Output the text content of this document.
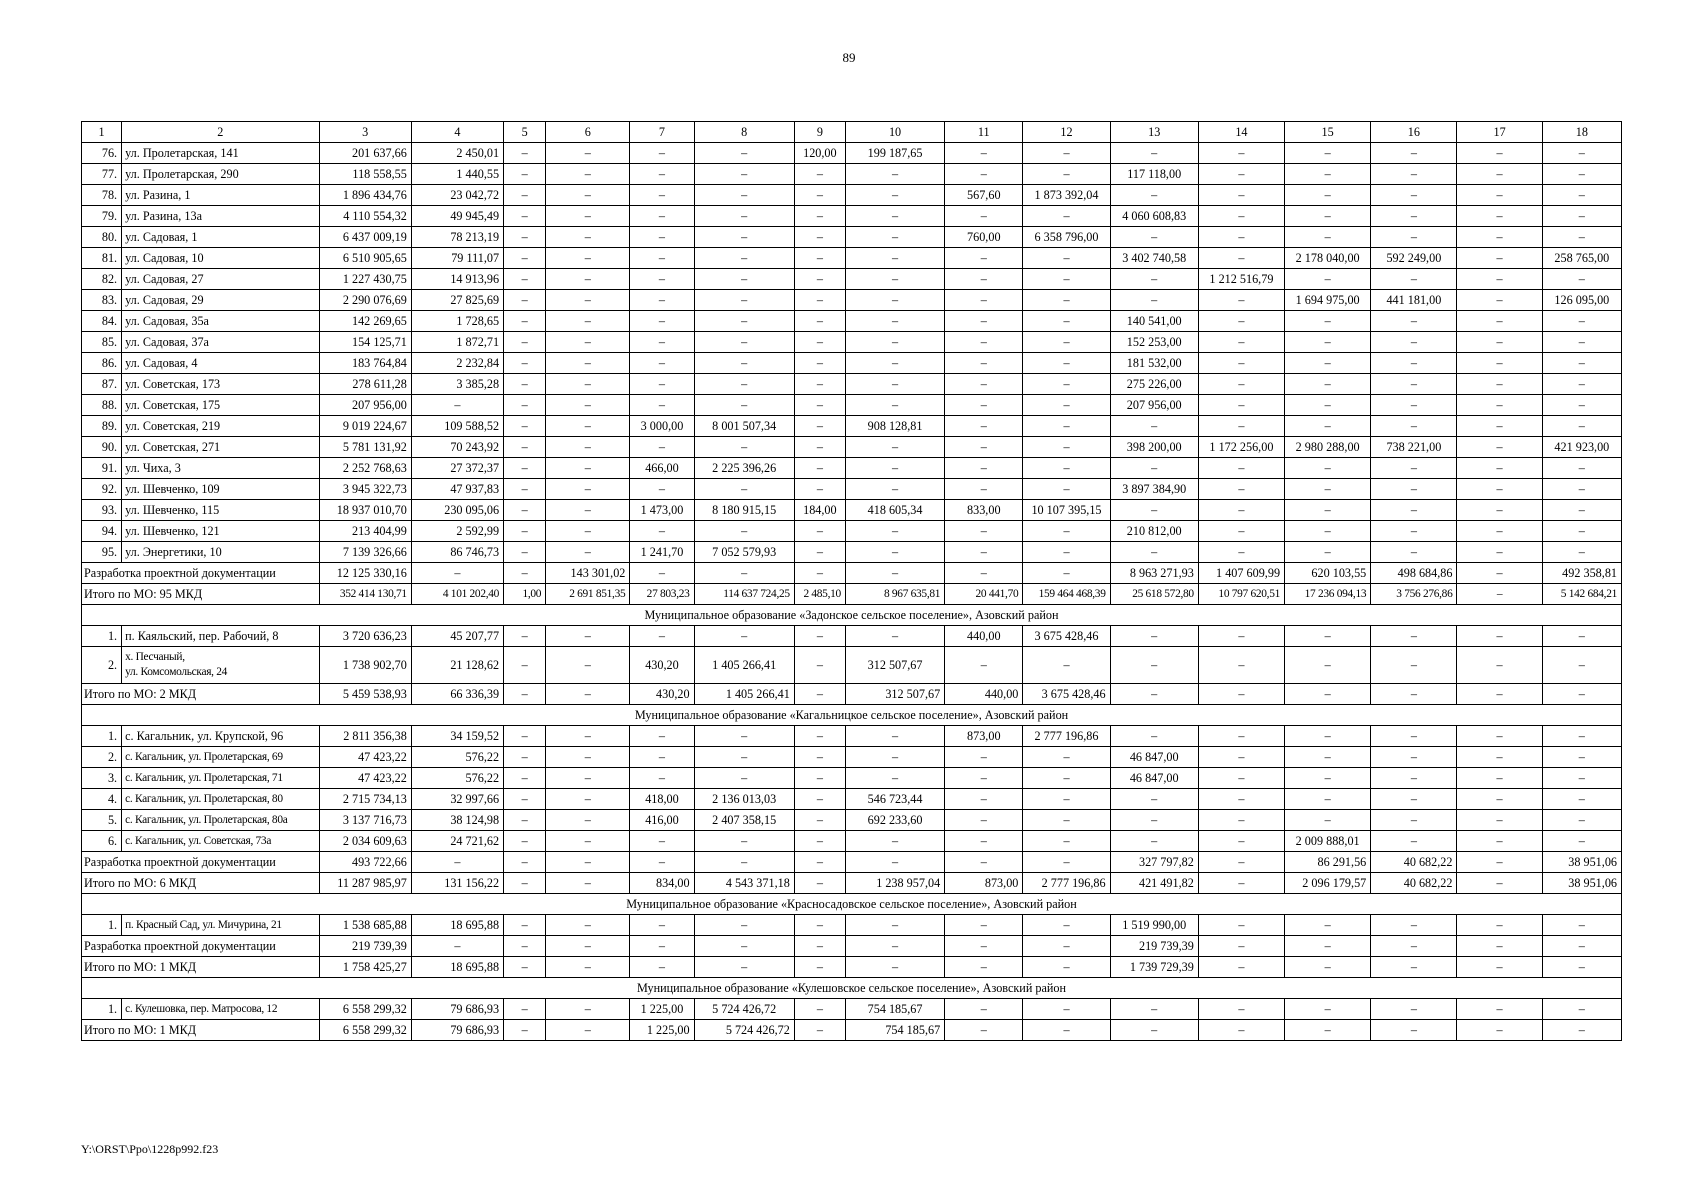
89
1	2	3	4	5	6	7	8	9	10	11	12	13	14	15	16	17	18
76.	ул. Пролетарская, 141	201 637,66	2 450,01	–	–	–	–	120,00	199 187,65	–	–	–	–	–	–	–	–
77.	ул. Пролетарская, 290	118 558,55	1 440,55	–	–	–	–	–	–	–	–	117 118,00	–	–	–	–	–
78.	ул. Разина, 1	1 896 434,76	23 042,72	–	–	–	–	–	–	567,60	1 873 392,04	–	–	–	–	–	–
79.	ул. Разина, 13а	4 110 554,32	49 945,49	–	–	–	–	–	–	–	–	4 060 608,83	–	–	–	–	–
80.	ул. Садовая, 1	6 437 009,19	78 213,19	–	–	–	–	–	–	760,00	6 358 796,00	–	–	–	–	–	–
81.	ул. Садовая, 10	6 510 905,65	79 111,07	–	–	–	–	–	–	–	–	3 402 740,58	–	2 178 040,00	592 249,00	–	258 765,00
82.	ул. Садовая, 27	1 227 430,75	14 913,96	–	–	–	–	–	–	–	–	–	1 212 516,79	–	–	–	–
83.	ул. Садовая, 29	2 290 076,69	27 825,69	–	–	–	–	–	–	–	–	–	–	1 694 975,00	441 181,00	–	126 095,00
84.	ул. Садовая, 35а	142 269,65	1 728,65	–	–	–	–	–	–	–	–	140 541,00	–	–	–	–	–
85.	ул. Садовая, 37а	154 125,71	1 872,71	–	–	–	–	–	–	–	–	152 253,00	–	–	–	–	–
86.	ул. Садовая, 4	183 764,84	2 232,84	–	–	–	–	–	–	–	–	181 532,00	–	–	–	–	–
87.	ул. Советская, 173	278 611,28	3 385,28	–	–	–	–	–	–	–	–	275 226,00	–	–	–	–	–
88.	ул. Советская, 175	207 956,00	–	–	–	–	–	–	–	–	–	207 956,00	–	–	–	–	–
89.	ул. Советская, 219	9 019 224,67	109 588,52	–	–	3 000,00	8 001 507,34	–	908 128,81	–	–	–	–	–	–	–	–
90.	ул. Советская, 271	5 781 131,92	70 243,92	–	–	–	–	–	–	–	–	398 200,00	1 172 256,00	2 980 288,00	738 221,00	–	421 923,00
91.	ул. Чиха, 3	2 252 768,63	27 372,37	–	–	466,00	2 225 396,26	–	–	–	–	–	–	–	–	–	–
92.	ул. Шевченко, 109	3 945 322,73	47 937,83	–	–	–	–	–	–	–	–	3 897 384,90	–	–	–	–	–
93.	ул. Шевченко, 115	18 937 010,70	230 095,06	–	–	1 473,00	8 180 915,15	184,00	418 605,34	833,00	10 107 395,15	–	–	–	–	–	–
94.	ул. Шевченко, 121	213 404,99	2 592,99	–	–	–	–	–	–	–	–	210 812,00	–	–	–	–	–
95.	ул. Энергетики, 10	7 139 326,66	86 746,73	–	–	1 241,70	7 052 579,93	–	–	–	–	–	–	–	–	–	–
Разработка проектной документации		12 125 330,16	–	–	143 301,02	–	–	–	–	–	–	8 963 271,93	1 407 609,99	620 103,55	498 684,86	–	492 358,81
Итого по МО: 95 МКД		352 414 130,71	4 101 202,40	1,00	2 691 851,35	27 803,23	114 637 724,25	2 485,10	8 967 635,81	20 441,70	159 464 468,39	25 618 572,80	10 797 620,51	17 236 094,13	3 756 276,86	–	5 142 684,21
Муниципальное образование «Задонское сельское поселение», Азовский район																	
1.	п. Каяльский, пер. Рабочий, 8	3 720 636,23	45 207,77	–	–	–	–	–	–	440,00	3 675 428,46	–	–	–	–	–	–
2.	х. Песчаный,
ул. Комсомольская, 24	1 738 902,70	21 128,62	–	–	430,20	1 405 266,41	–	312 507,67	–	–	–	–	–	–	–	–
Итого по МО: 2 МКД		5 459 538,93	66 336,39	–	–	430,20	1 405 266,41	–	312 507,67	440,00	3 675 428,46	–	–	–	–	–	–
Муниципальное образование «Кагальницкое сельское поселение», Азовский район																	
1.	с. Кагальник, ул. Крупской, 96	2 811 356,38	34 159,52	–	–	–	–	–	–	873,00	2 777 196,86	–	–	–	–	–	–
2.	с. Кагальник, ул. Пролетарская, 69	47 423,22	576,22	–	–	–	–	–	–	–	–	46 847,00	–	–	–	–	–
3.	с. Кагальник, ул. Пролетарская, 71	47 423,22	576,22	–	–	–	–	–	–	–	–	46 847,00	–	–	–	–	–
4.	с. Кагальник, ул. Пролетарская, 80	2 715 734,13	32 997,66	–	–	418,00	2 136 013,03	–	546 723,44	–	–	–	–	–	–	–	–
5.	с. Кагальник, ул. Пролетарская, 80а	3 137 716,73	38 124,98	–	–	416,00	2 407 358,15	–	692 233,60	–	–	–	–	–	–	–	–
6.	с. Кагальник, ул. Советская, 73а	2 034 609,63	24 721,62	–	–	–	–	–	–	–	–	–	–	2 009 888,01	–	–	–
Разработка проектной документации		493 722,66	–	–	–	–	–	–	–	–	–	327 797,82	–	86 291,56	40 682,22	–	38 951,06
Итого по МО: 6 МКД		11 287 985,97	131 156,22	–	–	834,00	4 543 371,18	–	1 238 957,04	873,00	2 777 196,86	421 491,82	–	2 096 179,57	40 682,22	–	38 951,06
Муниципальное образование «Красносадовское сельское поселение», Азовский район																	
1.	п. Красный Сад, ул. Мичурина, 21	1 538 685,88	18 695,88	–	–	–	–	–	–	–	–	1 519 990,00	–	–	–	–	–
Разработка проектной документации		219 739,39	–	–	–	–	–	–	–	–	–	219 739,39	–	–	–	–	–
Итого по МО: 1 МКД		1 758 425,27	18 695,88	–	–	–	–	–	–	–	–	1 739 729,39	–	–	–	–	–
Муниципальное образование «Кулешовское сельское поселение», Азовский район																	
1.	с. Кулешовка, пер. Матросова, 12	6 558 299,32	79 686,93	–	–	1 225,00	5 724 426,72	–	754 185,67	–	–	–	–	–	–	–	–
Итого по МО: 1 МКД		6 558 299,32	79 686,93	–	–	1 225,00	5 724 426,72	–	754 185,67	–	–	–	–	–	–	–	–
Y:\ORST\Ppo\1228p992.f23
